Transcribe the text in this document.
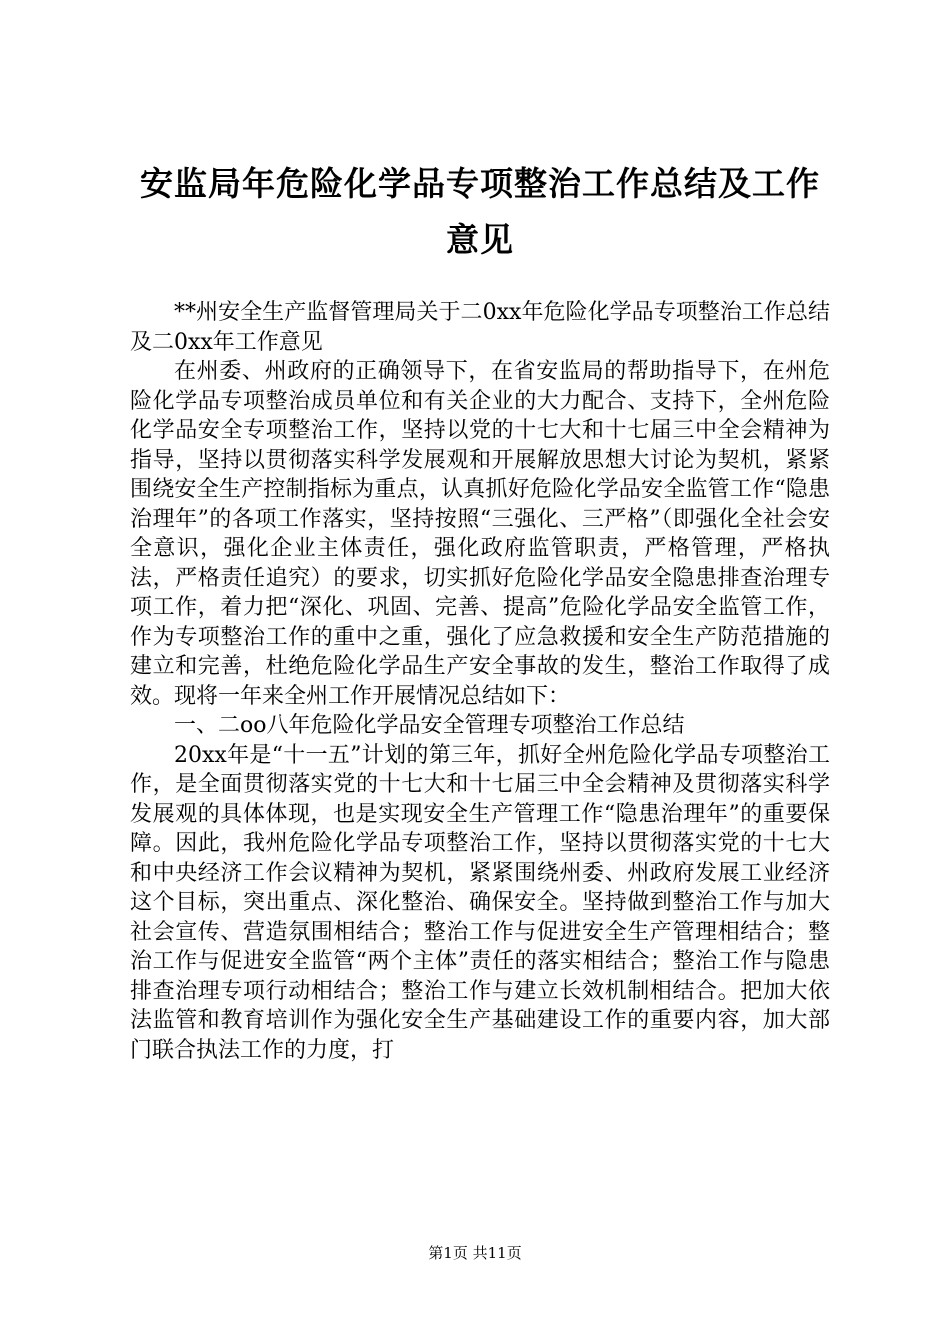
安监局年危险化学品专项整治工作总结及工作
意见

**州安全生产监督管理局关于二0xx年危险化学品专项整治工作总结及二0xx年工作意见

在州委、州政府的正确领导下，在省安监局的帮助指导下，在州危险化学品专项整治成员单位和有关企业的大力配合、支持下，全州危险化学品安全专项整治工作，坚持以党的十七大和十七届三中全会精神为指导，坚持以贯彻落实科学发展观和开展解放思想大讨论为契机，紧紧围绕安全生产控制指标为重点，认真抓好危险化学品安全监管工作“隐患治理年”的各项工作落实，坚持按照“三强化、三严格”（即强化全社会安全意识，强化企业主体责任，强化政府监管职责，严格管理，严格执法，严格责任追究）的要求，切实抓好危险化学品安全隐患排查治理专项工作，着力把“深化、巩固、完善、提高”危险化学品安全监管工作，作为专项整治工作的重中之重，强化了应急救援和安全生产防范措施的建立和完善，杜绝危险化学品生产安全事故的发生，整治工作取得了成效。现将一年来全州工作开展情况总结如下：

一、二oo八年危险化学品安全管理专项整治工作总结

20xx年是“十一五”计划的第三年，抓好全州危险化学品专项整治工作，是全面贯彻落实党的十七大和十七届三中全会精神及贯彻落实科学发展观的具体体现，也是实现安全生产管理工作“隐患治理年”的重要保障。因此，我州危险化学品专项整治工作，坚持以贯彻落实党的十七大和中央经济工作会议精神为契机，紧紧围绕州委、州政府发展工业经济这个目标，突出重点、深化整治、确保安全。坚持做到整治工作与加大社会宣传、营造氛围相结合；整治工作与促进安全生产管理相结合；整治工作与促进安全监管“两个主体”责任的落实相结合；整治工作与隐患排查治理专项行动相结合；整治工作与建立长效机制相结合。把加大依法监管和教育培训作为强化安全生产基础建设工作的重要内容，加大部门联合执法工作的力度，打

第1页 共11页
